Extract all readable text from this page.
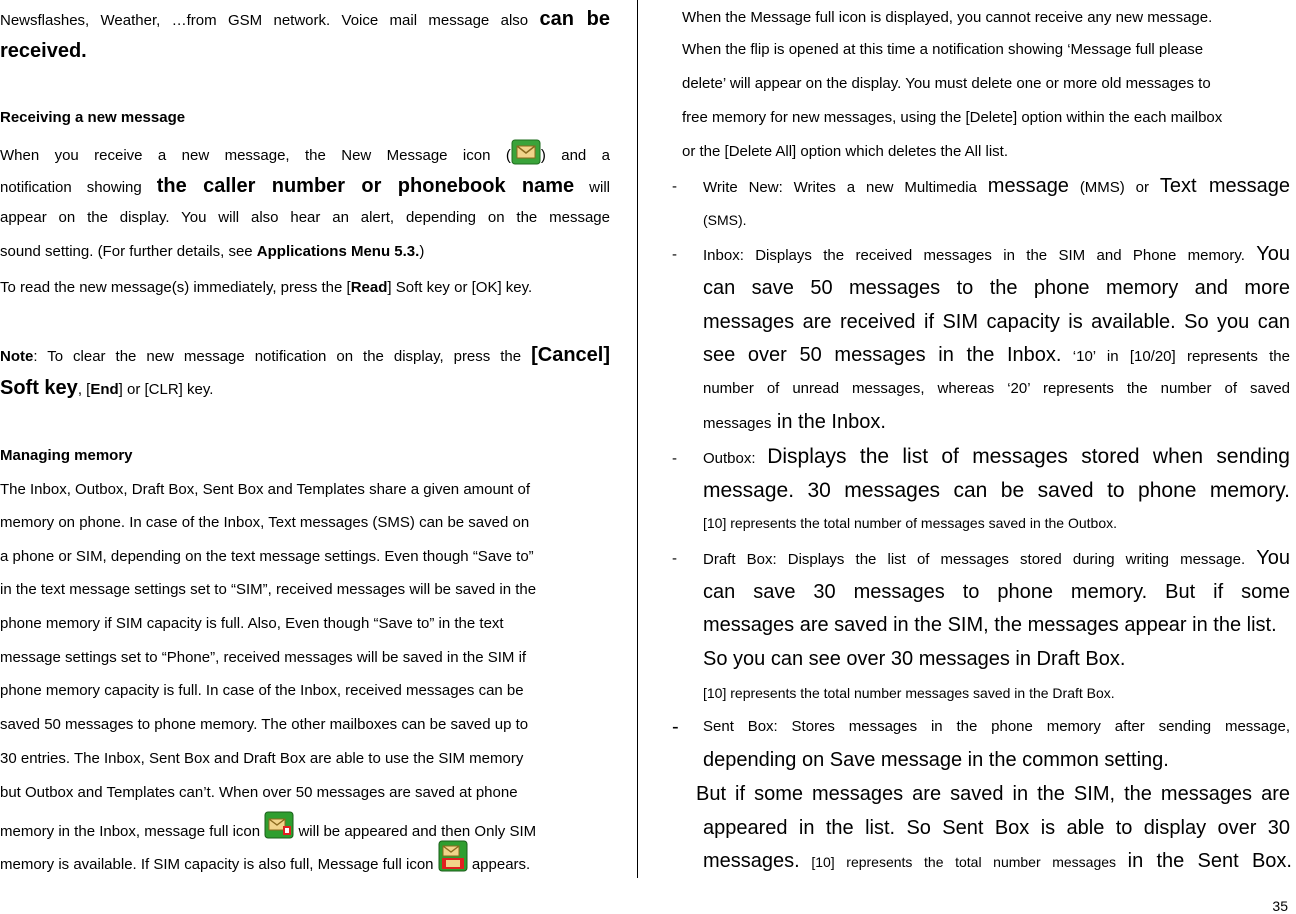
Newsflashes, Weather, …from GSM network. Voice mail message also can be
received.
Receiving a new message
When you receive a new message, the New Message icon ( ) and a
notification showing the caller number or phonebook name will
appear on the display. You will also hear an alert, depending on the message
sound setting. (For further details, see Applications Menu 5.3.)
To read the new message(s) immediately, press the [Read] Soft key or [OK] key.
Note: To clear the new message notification on the display, press the [Cancel]
Soft key, [End] or [CLR] key.
Managing memory
The Inbox, Outbox, Draft Box, Sent Box and Templates share a given amount of
memory on phone. In case of the Inbox, Text messages (SMS) can be saved on
a phone or SIM, depending on the text message settings. Even though “Save to”
in the text message settings set to “SIM”, received messages will be saved in the
phone memory if SIM capacity is full. Also, Even though “Save to” in the text
message settings set to “Phone”, received messages will be saved in the SIM if
phone memory capacity is full. In case of the Inbox, received messages can be
saved 50 messages to phone memory. The other mailboxes can be saved up to
30 entries. The Inbox, Sent Box and Draft Box are able to use the SIM memory
but Outbox and Templates can’t. When over 50 messages are saved at phone
memory in the Inbox, message full icon  will be appeared and then Only SIM
memory is available. If SIM capacity is also full, Message full icon  appears.
When the Message full icon is displayed, you cannot receive any new message.
When the flip is opened at this time a notification showing ‘Message full please
delete’ will appear on the display. You must delete one or more old messages to
free memory for new messages, using the [Delete] option within the each mailbox
or the [Delete All] option which deletes the All list.
- Write New: Writes a new Multimedia message (MMS) or Text message
(SMS).
- Inbox: Displays the received messages in the SIM and Phone memory. You
can save 50 messages to the phone memory and more
messages are received if SIM capacity is available. So you can
see over 50 messages in the Inbox. ‘10’ in [10/20] represents the
number of unread messages, whereas ‘20’ represents the number of saved
messages in the Inbox.
- Outbox: Displays the list of messages stored when sending
message. 30 messages can be saved to phone memory.
[10] represents the total number of messages saved in the Outbox.
- Draft Box: Displays the list of messages stored during writing message. You
can save 30 messages to phone memory. But if some
messages are saved in the SIM, the messages appear in the list.
So you can see over 30 messages in Draft Box.
[10] represents the total number messages saved in the Draft Box.
- Sent Box: Stores messages in the phone memory after sending message,
depending on Save message in the common setting.
But if some messages are saved in the SIM, the messages are
appeared in the list. So Sent Box is able to display over 30
messages. [10] represents the total number messages in the Sent Box.
35
